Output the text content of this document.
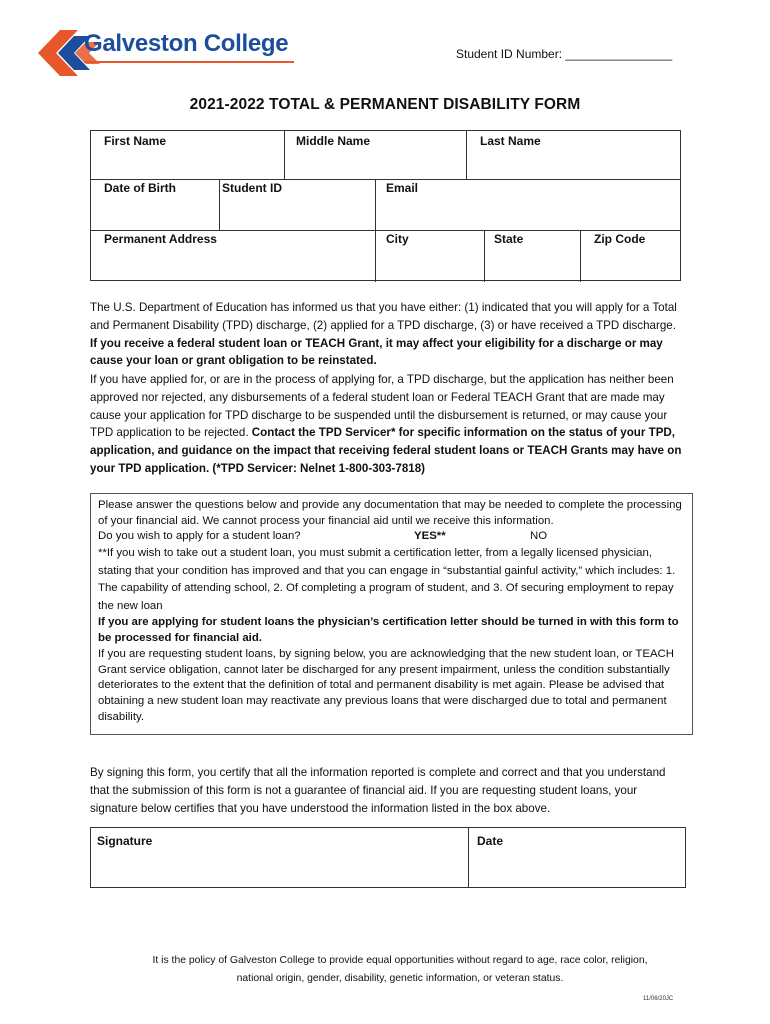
Galveston College	Student ID Number: ________________
2021-2022 TOTAL & PERMANENT DISABILITY FORM
First Name	Middle Name	Last Name
Date of Birth	Student ID	Email
Permanent Address	City	State	Zip Code
The U.S. Department of Education has informed us that you have either: (1) indicated that you will apply for a Total and Permanent Disability (TPD) discharge, (2) applied for a TPD discharge, (3) or have received a TPD discharge. If you receive a federal student loan or TEACH Grant, it may affect your eligibility for a discharge or may cause your loan or grant obligation to be reinstated.
If you have applied for, or are in the process of applying for, a TPD discharge, but the application has neither been approved nor rejected, any disbursements of a federal student loan or Federal TEACH Grant that are made may cause your application for TPD discharge to be suspended until the disbursement is returned, or may cause your TPD application to be rejected. Contact the TPD Servicer* for specific information on the status of your TPD, application, and guidance on the impact that receiving federal student loans or TEACH Grants may have on your TPD application. (*TPD Servicer: Nelnet 1-800-303-7818)

Please answer the questions below and provide any documentation that may be needed to complete the processing of your financial aid. We cannot process your financial aid until we receive this information.

Do you wish to apply for a student loan?	YES**	NO

**If you wish to take out a student loan, you must submit a certification letter, from a legally licensed physician, stating that your condition has improved and that you can engage in “substantial gainful activity,” which includes: 1. The capability of attending school, 2. Of completing a program of student, and 3. Of securing employment to repay the new loan

If you are applying for student loans the physician’s certification letter should be turned in with this form to be processed for financial aid.

If you are requesting student loans, by signing below, you are acknowledging that the new student loan, or TEACH Grant service obligation, cannot later be discharged for any present impairment, unless the condition substantially deteriorates to the extent that the definition of total and permanent disability is met again. Please be advised that obtaining a new student loan may reactivate any previous loans that were discharged due to total and permanent disability.

By signing this form, you certify that all the information reported is complete and correct and that you understand that the submission of this form is not a guarantee of financial aid. If you are requesting student loans, your signature below certifies that you have understood the information listed in the box above.
Signature	Date
It is the policy of Galveston College to provide equal opportunities without regard to age, race color, religion,
national origin, gender, disability, genetic information, or veteran status.
11/06/20JC
